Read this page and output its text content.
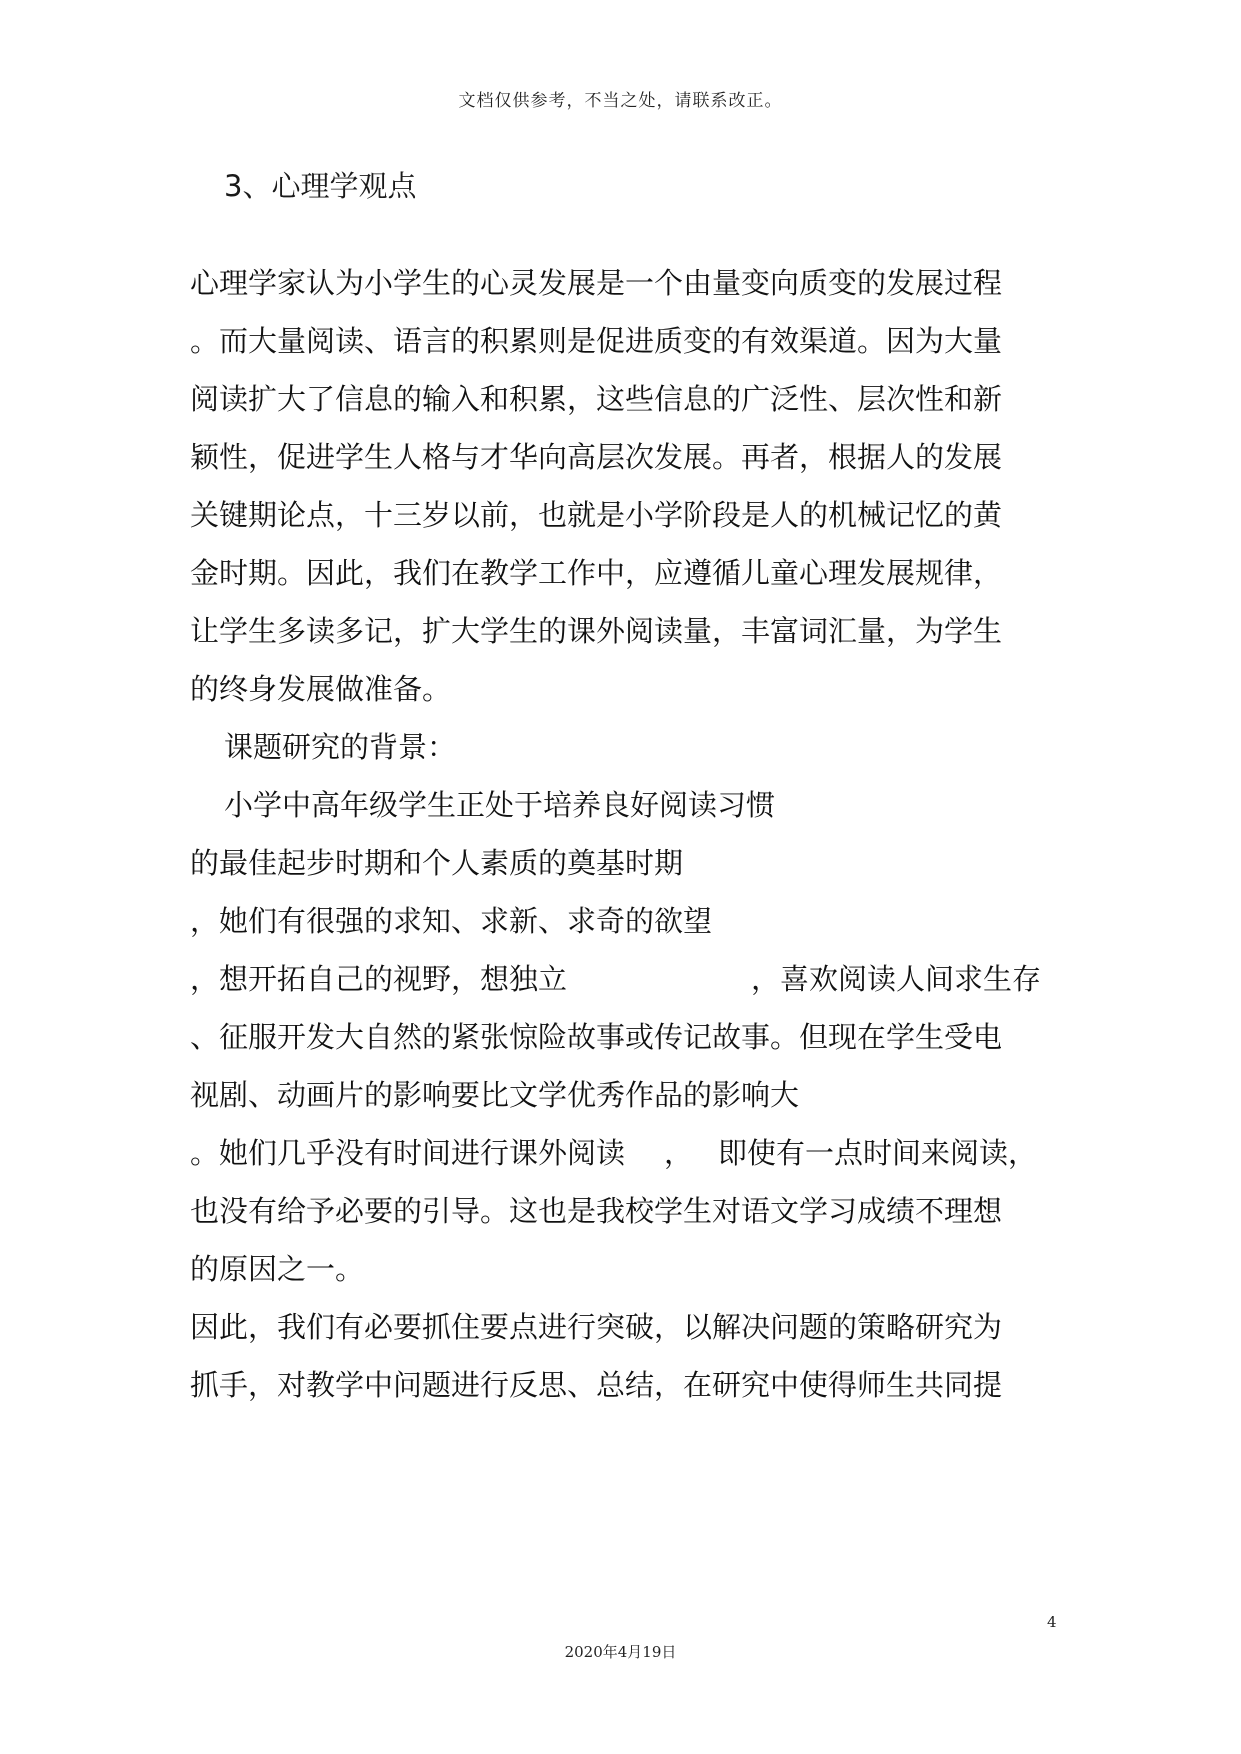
文档仅供参考，不当之处，请联系改正。
3、心理学观点
心理学家认为小学生的心灵发展是一个由量变向质变的发展过程
。而大量阅读、语言的积累则是促进质变的有效渠道。因为大量
阅读扩大了信息的输入和积累，这些信息的广泛性、层次性和新
颖性，促进学生人格与才华向高层次发展。再者，根据人的发展
关键期论点，十三岁以前，也就是小学阶段是人的机械记忆的黄
金时期。因此，我们在教学工作中，应遵循儿童心理发展规律，
让学生多读多记，扩大学生的课外阅读量，丰富词汇量，为学生
的终身发展做准备。
课题研究的背景：
小学中高年级学生正处于培养良好阅读习惯
的最佳起步时期和个人素质的奠基时期
，她们有很强的求知、求新、求奇的欲望
，想开拓自己的视野，想独立	，喜欢阅读人间求生存
、征服开发大自然的紧张惊险故事或传记故事。但现在学生受电
视剧、动画片的影响要比文学优秀作品的影响大
。她们几乎没有时间进行课外阅读 ， 即使有一点时间来阅读，
也没有给予必要的引导。这也是我校学生对语文学习成绩不理想
的原因之一。
因此，我们有必要抓住要点进行突破，以解决问题的策略研究为
抓手，对教学中问题进行反思、总结，在研究中使得师生共同提
4
2020年4月19日
